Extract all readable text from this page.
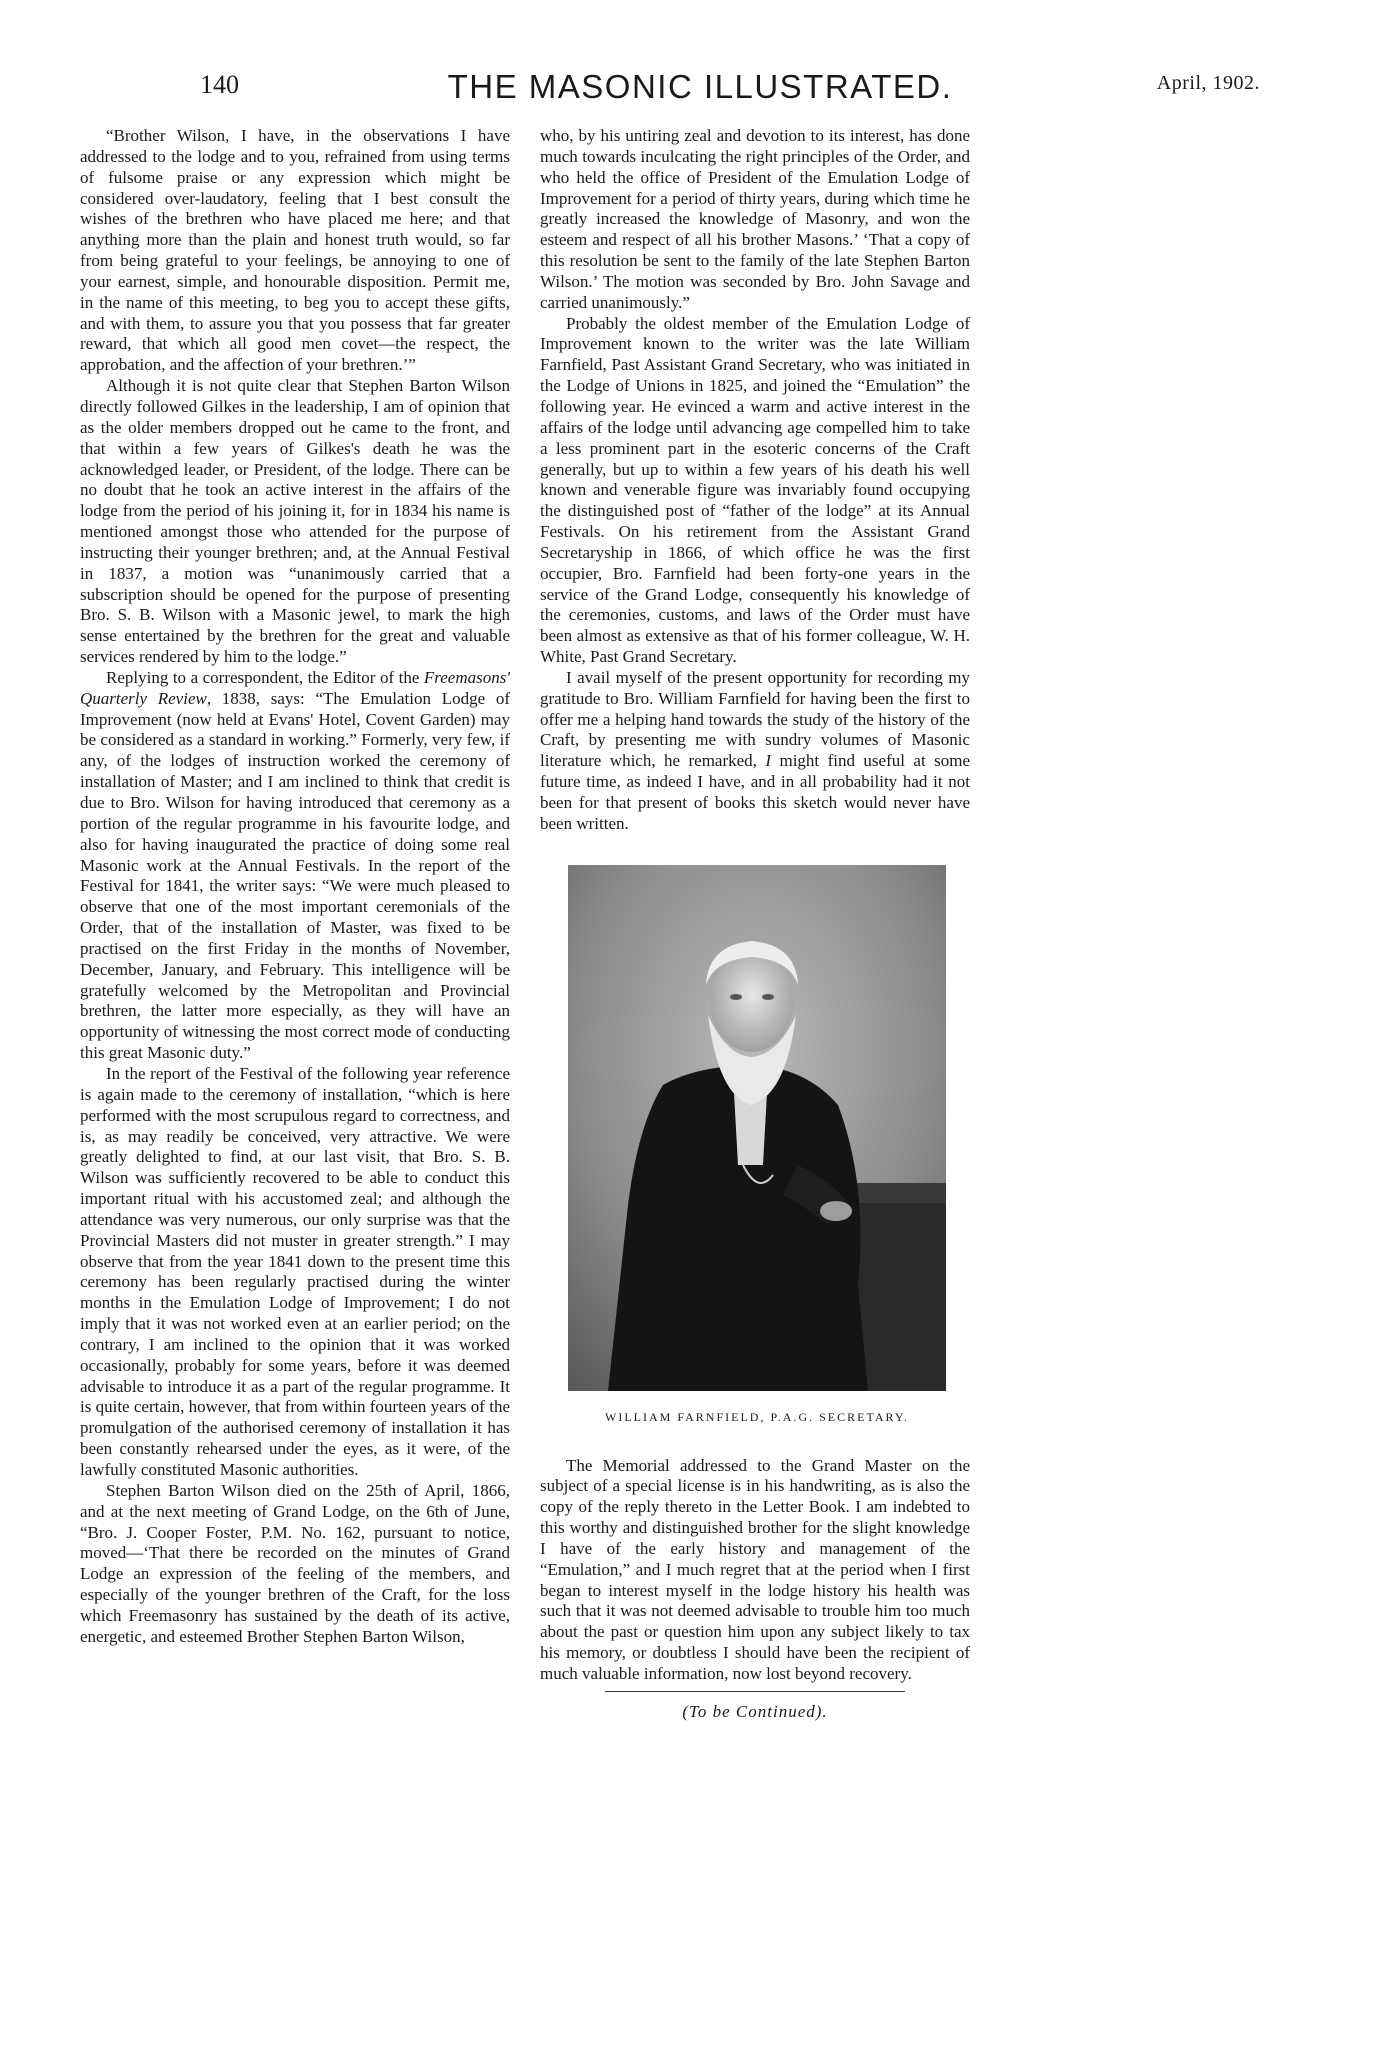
140	THE MASONIC ILLUSTRATED.	April, 1902.

“Brother Wilson, I have, in the observations I have addressed to the lodge and to you, refrained from using terms of fulsome praise or any expression which might be considered over-laudatory, feeling that I best consult the wishes of the brethren who have placed me here; and that anything more than the plain and honest truth would, so far from being grateful to your feelings, be annoying to one of your earnest, simple, and honourable disposition. Permit me, in the name of this meeting, to beg you to accept these gifts, and with them, to assure you that you possess that far greater reward, that which all good men covet—the respect, the approbation, and the affection of your brethren.’”

Although it is not quite clear that Stephen Barton Wilson directly followed Gilkes in the leadership, I am of opinion that as the older members dropped out he came to the front, and that within a few years of Gilkes's death he was the acknowledged leader, or President, of the lodge. There can be no doubt that he took an active interest in the affairs of the lodge from the period of his joining it, for in 1834 his name is mentioned amongst those who attended for the purpose of instructing their younger brethren; and, at the Annual Festival in 1837, a motion was “unanimously carried that a subscription should be opened for the purpose of presenting Bro. S. B. Wilson with a Masonic jewel, to mark the high sense entertained by the brethren for the great and valuable services rendered by him to the lodge.”

Replying to a correspondent, the Editor of the Freemasons' Quarterly Review, 1838, says: “The Emulation Lodge of Improvement (now held at Evans' Hotel, Covent Garden) may be considered as a standard in working.” Formerly, very few, if any, of the lodges of instruction worked the ceremony of installation of Master; and I am inclined to think that credit is due to Bro. Wilson for having introduced that ceremony as a portion of the regular programme in his favourite lodge, and also for having inaugurated the practice of doing some real Masonic work at the Annual Festivals. In the report of the Festival for 1841, the writer says: “We were much pleased to observe that one of the most important ceremonials of the Order, that of the installation of Master, was fixed to be practised on the first Friday in the months of November, December, January, and February. This intelligence will be gratefully welcomed by the Metropolitan and Provincial brethren, the latter more especially, as they will have an opportunity of witnessing the most correct mode of conducting this great Masonic duty.”

In the report of the Festival of the following year reference is again made to the ceremony of installation, “which is here performed with the most scrupulous regard to correctness, and is, as may readily be conceived, very attractive. We were greatly delighted to find, at our last visit, that Bro. S. B. Wilson was sufficiently recovered to be able to conduct this important ritual with his accustomed zeal; and although the attendance was very numerous, our only surprise was that the Provincial Masters did not muster in greater strength.” I may observe that from the year 1841 down to the present time this ceremony has been regularly practised during the winter months in the Emulation Lodge of Improvement; I do not imply that it was not worked even at an earlier period; on the contrary, I am inclined to the opinion that it was worked occasionally, probably for some years, before it was deemed advisable to introduce it as a part of the regular programme. It is quite certain, however, that from within fourteen years of the promulgation of the authorised ceremony of installation it has been constantly rehearsed under the eyes, as it were, of the lawfully constituted Masonic authorities.

Stephen Barton Wilson died on the 25th of April, 1866, and at the next meeting of Grand Lodge, on the 6th of June, “Bro. J. Cooper Foster, P.M. No. 162, pursuant to notice, moved—‘That there be recorded on the minutes of Grand Lodge an expression of the feeling of the members, and especially of the younger brethren of the Craft, for the loss which Freemasonry has sustained by the death of its active, energetic, and esteemed Brother Stephen Barton Wilson,

who, by his untiring zeal and devotion to its interest, has done much towards inculcating the right principles of the Order, and who held the office of President of the Emulation Lodge of Improvement for a period of thirty years, during which time he greatly increased the knowledge of Masonry, and won the esteem and respect of all his brother Masons.’ ‘That a copy of this resolution be sent to the family of the late Stephen Barton Wilson.’ The motion was seconded by Bro. John Savage and carried unanimously.”

Probably the oldest member of the Emulation Lodge of Improvement known to the writer was the late William Farnfield, Past Assistant Grand Secretary, who was initiated in the Lodge of Unions in 1825, and joined the “Emulation” the following year. He evinced a warm and active interest in the affairs of the lodge until advancing age compelled him to take a less prominent part in the esoteric concerns of the Craft generally, but up to within a few years of his death his well known and venerable figure was invariably found occupying the distinguished post of “father of the lodge” at its Annual Festivals. On his retirement from the Assistant Grand Secretaryship in 1866, of which office he was the first occupier, Bro. Farnfield had been forty-one years in the service of the Grand Lodge, consequently his knowledge of the ceremonies, customs, and laws of the Order must have been almost as extensive as that of his former colleague, W. H. White, Past Grand Secretary.

I avail myself of the present opportunity for recording my gratitude to Bro. William Farnfield for having been the first to offer me a helping hand towards the study of the history of the Craft, by presenting me with sundry volumes of Masonic literature which, he remarked, I might find useful at some future time, as indeed I have, and in all probability had it not been for that present of books this sketch would never have been written.

WILLIAM FARNFIELD, P.A.G. SECRETARY.

The Memorial addressed to the Grand Master on the subject of a special license is in his handwriting, as is also the copy of the reply thereto in the Letter Book. I am indebted to this worthy and distinguished brother for the slight knowledge I have of the early history and management of the “Emulation,” and I much regret that at the period when I first began to interest myself in the lodge history his health was such that it was not deemed advisable to trouble him too much about the past or question him upon any subject likely to tax his memory, or doubtless I should have been the recipient of much valuable information, now lost beyond recovery.

(To be Continued).
